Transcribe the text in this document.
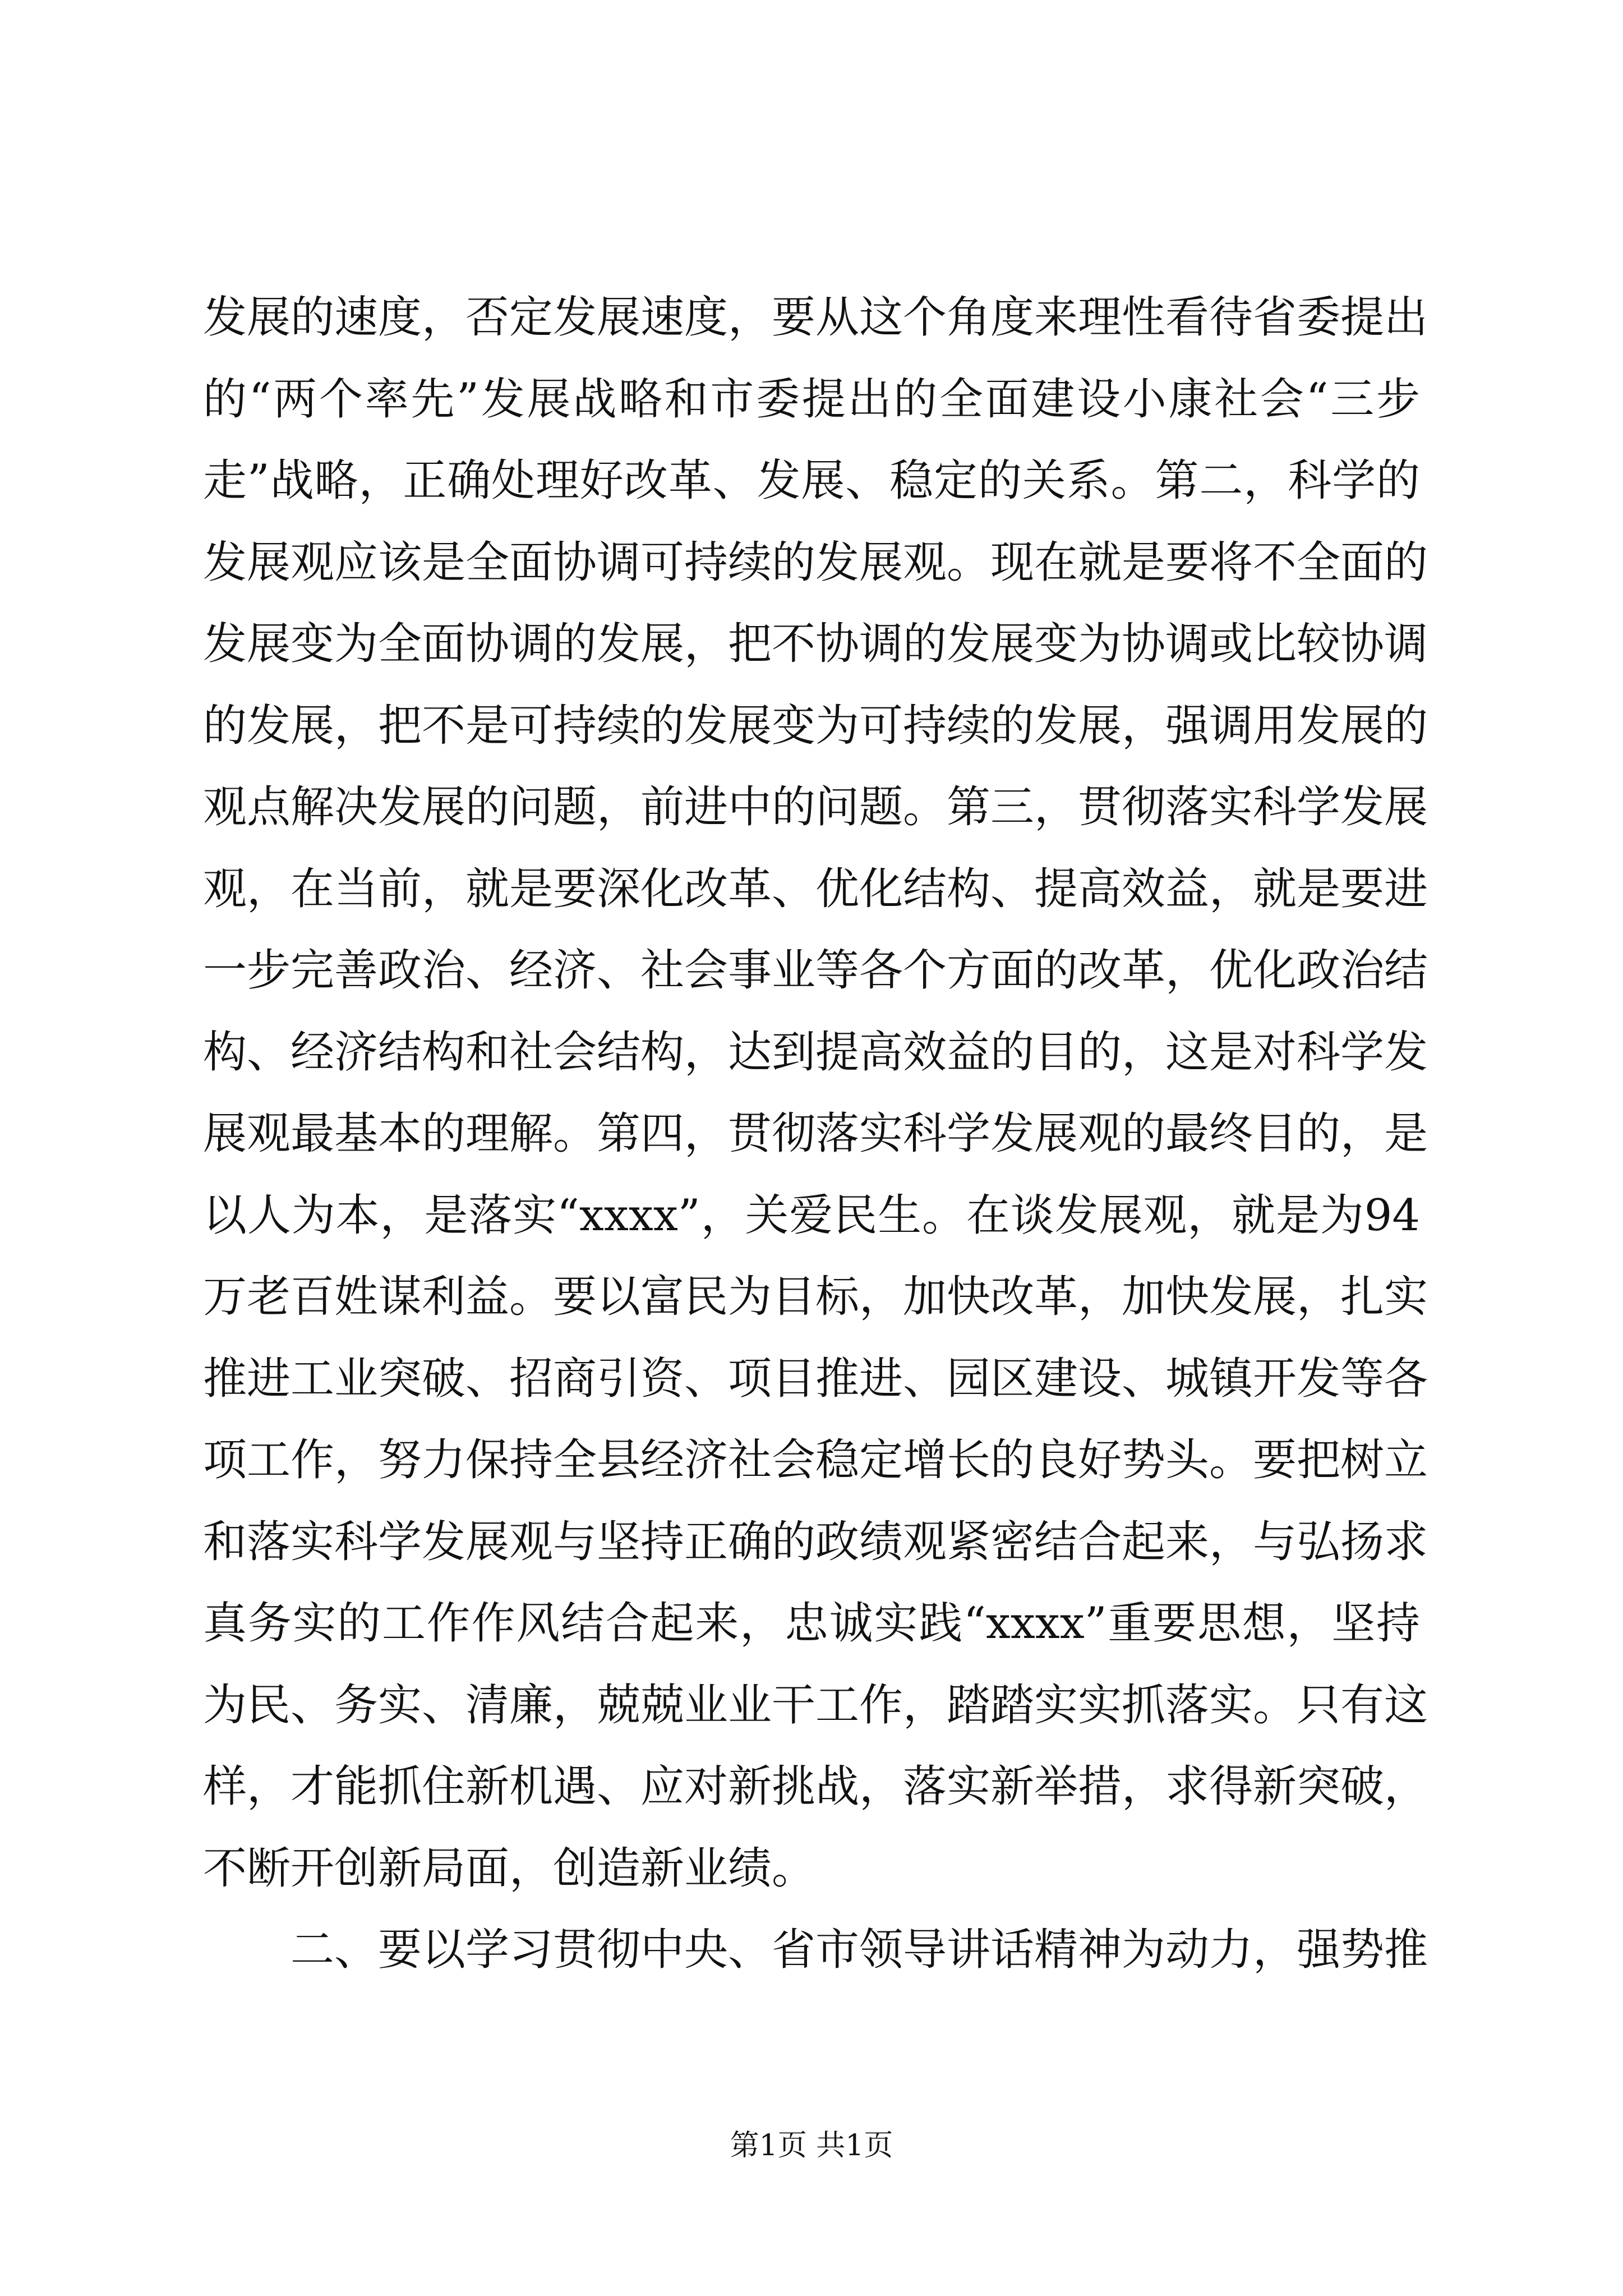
发展的速度，否定发展速度，要从这个角度来理性看待省委提出
的“两个率先”发展战略和市委提出的全面建设小康社会“三步
走”战略，正确处理好改革、发展、稳定的关系。第二，科学的
发展观应该是全面协调可持续的发展观。现在就是要将不全面的
发展变为全面协调的发展，把不协调的发展变为协调或比较协调
的发展，把不是可持续的发展变为可持续的发展，强调用发展的
观点解决发展的问题，前进中的问题。第三，贯彻落实科学发展
观，在当前，就是要深化改革、优化结构、提高效益，就是要进
一步完善政治、经济、社会事业等各个方面的改革，优化政治结
构、经济结构和社会结构，达到提高效益的目的，这是对科学发
展观最基本的理解。第四，贯彻落实科学发展观的最终目的，是
以人为本，是落实“xxxx”，关爱民生。在谈发展观，就是为94
万老百姓谋利益。要以富民为目标，加快改革，加快发展，扎实
推进工业突破、招商引资、项目推进、园区建设、城镇开发等各
项工作，努力保持全县经济社会稳定增长的良好势头。要把树立
和落实科学发展观与坚持正确的政绩观紧密结合起来，与弘扬求
真务实的工作作风结合起来，忠诚实践“xxxx”重要思想，坚持
为民、务实、清廉，兢兢业业干工作，踏踏实实抓落实。只有这
样，才能抓住新机遇、应对新挑战，落实新举措，求得新突破，
不断开创新局面，创造新业绩。
二、要以学习贯彻中央、省市领导讲话精神为动力，强势推
第1页 共1页
